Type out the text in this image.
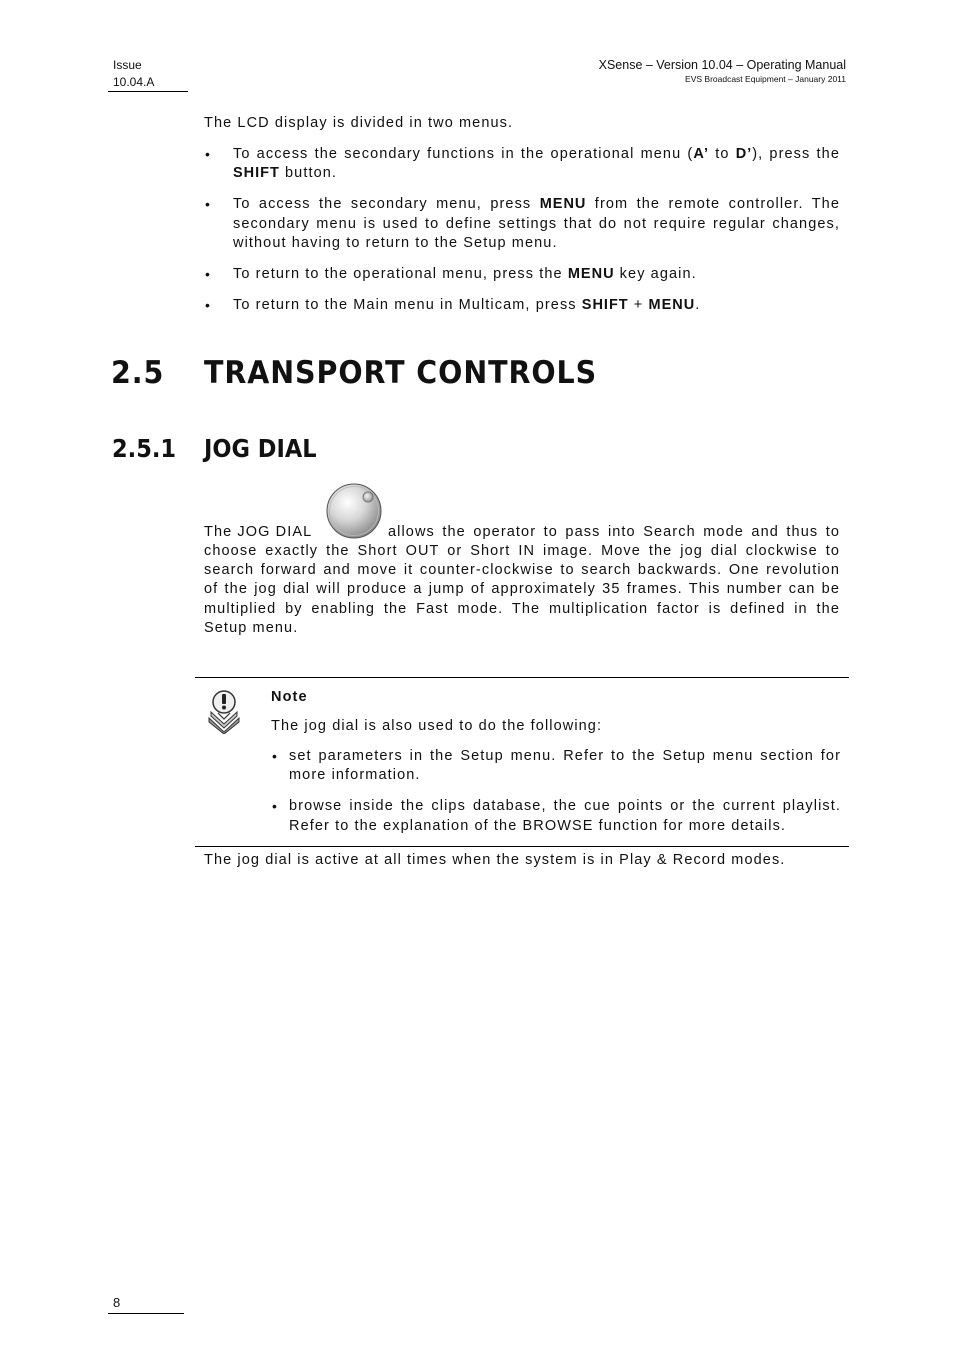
Issue
10.04.A
XSense – Version 10.04 – Operating Manual
EVS Broadcast Equipment – January 2011
The LCD display is divided in two menus.
• To access the secondary functions in the operational menu (A’ to D’), press the SHIFT button.
• To access the secondary menu, press MENU from the remote controller. The secondary menu is used to define settings that do not require regular changes, without having to return to the Setup menu.
• To return to the operational menu, press the MENU key again.
• To return to the Main menu in Multicam, press SHIFT + MENU.
2.5 TRANSPORT CONTROLS
2.5.1 JOG DIAL
The JOG DIAL	allows the operator to pass into Search mode and thus to
choose exactly the Short OUT or Short IN image. Move the jog dial clockwise to search forward and move it counter-clockwise to search backwards. One revolution of the jog dial will produce a jump of approximately 35 frames. This number can be multiplied by enabling the Fast mode. The multiplication factor is defined in the Setup menu.
Note
The jog dial is also used to do the following:
• set parameters in the Setup menu. Refer to the Setup menu section for more information.
• browse inside the clips database, the cue points or the current playlist. Refer to the explanation of the BROWSE function for more details.
The jog dial is active at all times when the system is in Play & Record modes.
8
